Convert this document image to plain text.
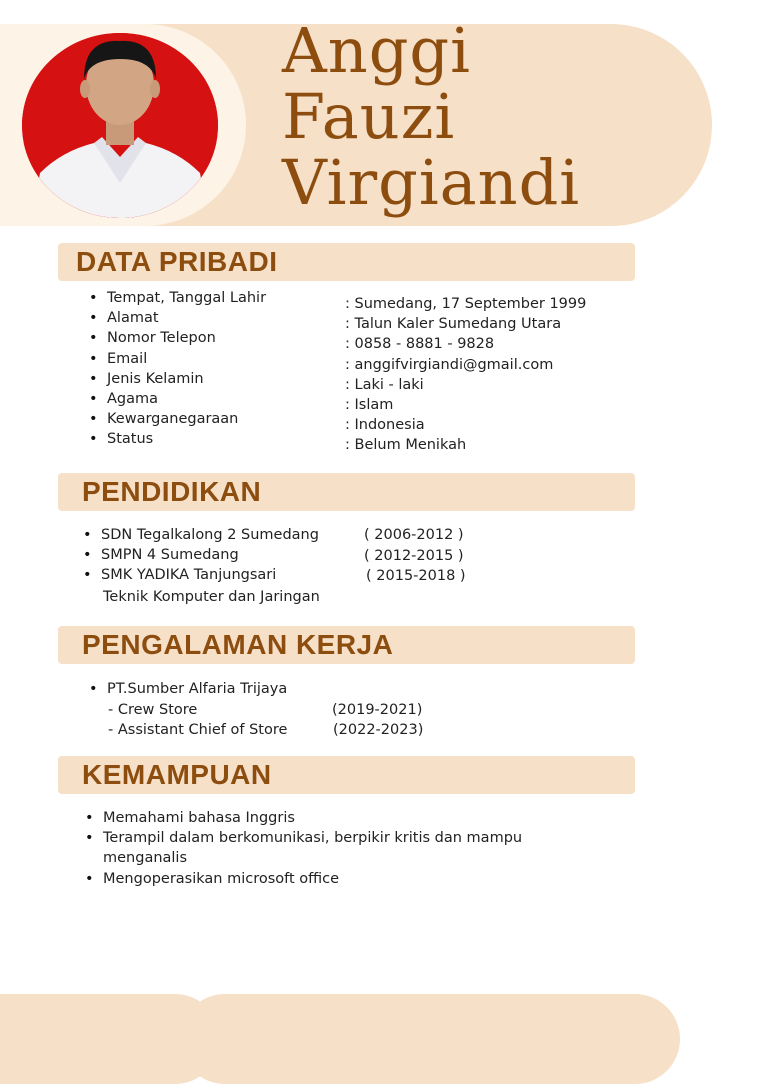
Anggi
Fauzi
Virgiandi
DATA PRIBADI
• Tempat, Tanggal Lahir
• Alamat
• Nomor Telepon
• Email
• Jenis Kelamin
• Agama
• Kewarganegaraan
• Status
: Sumedang, 17 September 1999
: Talun Kaler Sumedang Utara
: 0858 - 8881 - 9828
: anggifvirgiandi@gmail.com
: Laki - laki
: Islam
: Indonesia
: Belum Menikah
PENDIDIKAN
• SDN Tegalkalong 2 Sumedang
• SMPN 4 Sumedang
• SMK YADIKA Tanjungsari
( 2006-2012 )
( 2012-2015 )
( 2015-2018 )
Teknik Komputer dan Jaringan
PENGALAMAN KERJA
• PT.Sumber Alfaria Trijaya
- Crew Store	(2019-2021)
- Assistant Chief of Store	(2022-2023)
KEMAMPUAN
• Memahami bahasa Inggris
• Terampil dalam berkomunikasi, berpikir kritis dan mampu
menganalis
• Mengoperasikan microsoft office
